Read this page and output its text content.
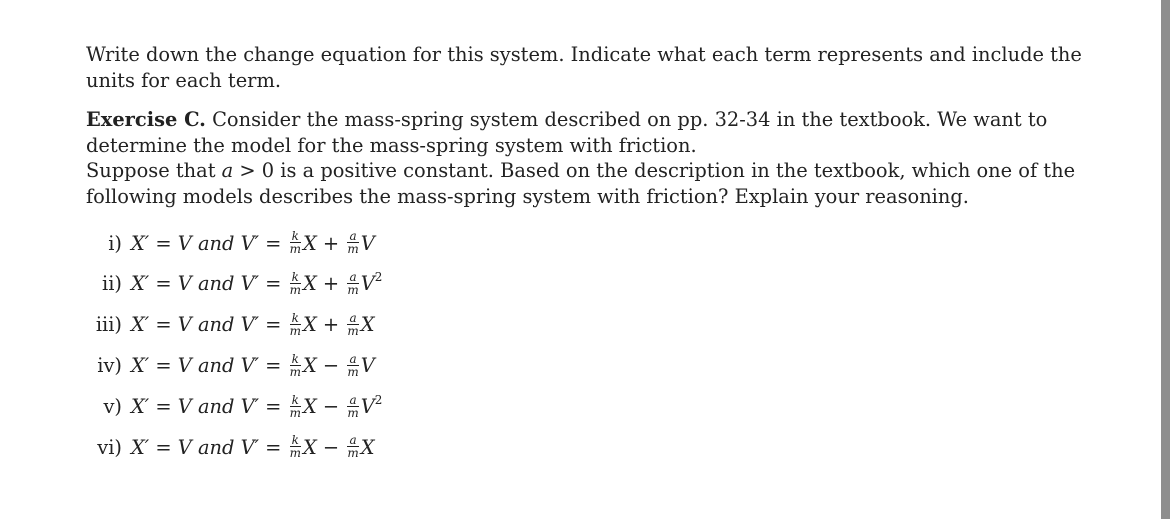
Write down the change equation for this system. Indicate what each term represents and include the units for each term.

Exercise C. Consider the mass-spring system described on pp. 32-34 in the textbook. We want to determine the model for the mass-spring system with friction.

Suppose that a > 0 is a positive constant. Based on the description in the textbook, which one of the following models describes the mass-spring system with friction? Explain your reasoning.

i) X′ = V and $V' = \frac{k}{m}$ $X + \frac{a}{m}$ V
ii) X′ = V and $V' = \frac{k}{m}$ $X + \frac{a}{m} V^2$
iii) X′ = V and $V' = \frac{k}{m}$ $X + \frac{a}{m}$ X
iv) X′ = V and $V' = \frac{k}{m}$ $X - \frac{a}{m}$ V
v) X′ = V and $V' = \frac{k}{m}$ $X - \frac{a}{m} V^2$
vi) X′ = V and $V' = \frac{k}{m}$ $X - \frac{a}{m}$ X
